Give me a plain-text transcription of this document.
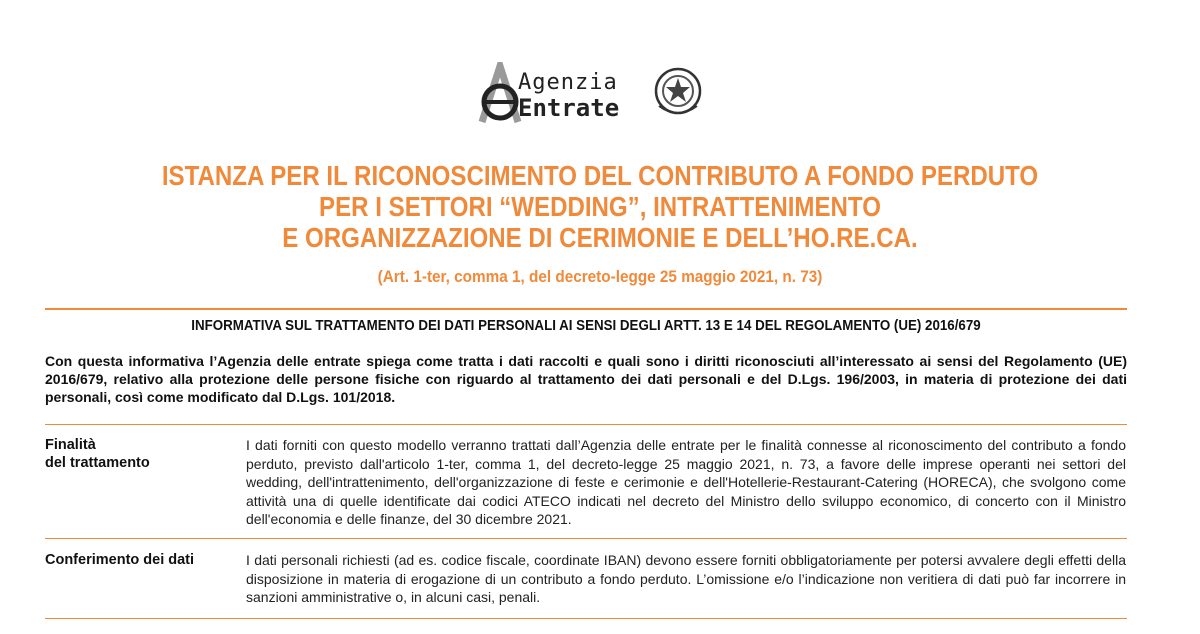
Agenzia
Entrate
ISTANZA PER IL RICONOSCIMENTO DEL CONTRIBUTO A FONDO PERDUTO
PER I SETTORI “WEDDING”, INTRATTENIMENTO
E ORGANIZZAZIONE DI CERIMONIE E DELL’HO.RE.CA.
(Art. 1-ter, comma 1, del decreto-legge 25 maggio 2021, n. 73)
INFORMATIVA SUL TRATTAMENTO DEI DATI PERSONALI AI SENSI DEGLI ARTT. 13 E 14 DEL REGOLAMENTO (UE) 2016/679
Con questa informativa l’Agenzia delle entrate spiega come tratta i dati raccolti e quali sono i diritti riconosciuti all’interessato ai sensi del Regolamento (UE) 2016/679, relativo alla protezione delle persone fisiche con riguardo al trattamento dei dati personali e del D.Lgs. 196/2003, in materia di protezione dei dati personali, così come modificato dal D.Lgs. 101/2018.
Finalità
del trattamento
I dati forniti con questo modello verranno trattati dall’Agenzia delle entrate per le finalità connesse al riconoscimento del contributo a fondo perduto, previsto dall'articolo 1-ter, comma 1, del decreto-legge 25 maggio 2021, n. 73, a favore delle imprese operanti nei settori del wedding, dell'intrattenimento, dell'organizzazione di feste e cerimonie e dell'Hotellerie-Restaurant-Catering (HORECA), che svolgono come attività una di quelle identificate dai codici ATECO indicati nel decreto del Ministro dello sviluppo economico, di concerto con il Ministro dell'economia e delle finanze, del 30 dicembre 2021.
Conferimento dei dati	I dati personali richiesti (ad es. codice fiscale, coordinate IBAN) devono essere forniti obbligatoriamente per potersi avvalere degli effetti della disposizione in materia di erogazione di un contributo a fondo perduto. L’omissione e/o l’indicazione non veritiera di dati può far incorrere in sanzioni amministrative o, in alcuni casi, penali.
